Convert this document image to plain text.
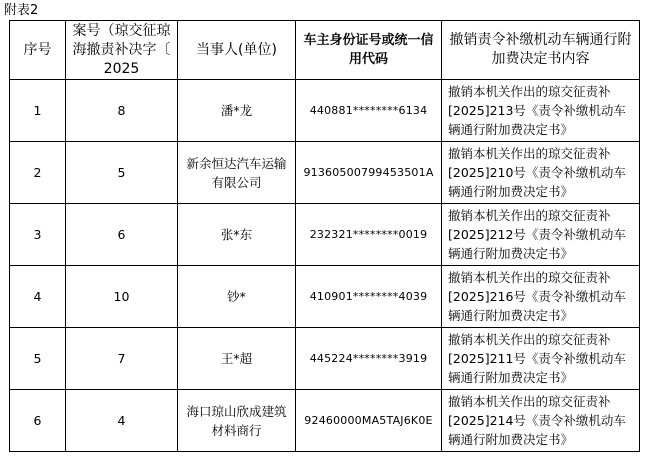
附表2
序号	案号（琼交征琼海撤责补决字〔 2025	当事人(单位)	车主身份证号或统一信用代码	撤销责令补缴机动车辆通行附加费决定书内容
1	8	潘*龙	440881********6134	撤销本机关作出的琼交征责补[2025]213号《责令补缴机动车辆通行附加费决定书》
2	5	新余恒达汽车运输有限公司	91360500799453501A	撤销本机关作出的琼交征责补[2025]210号《责令补缴机动车辆通行附加费决定书》
3	6	张*东	232321********0019	撤销本机关作出的琼交征责补[2025]212号《责令补缴机动车辆通行附加费决定书》
4	10	钞*	410901********4039	撤销本机关作出的琼交征责补[2025]216号《责令补缴机动车辆通行附加费决定书》
5	7	王*超	445224********3919	撤销本机关作出的琼交征责补[2025]211号《责令补缴机动车辆通行附加费决定书》
6	4	海口琼山欣成建筑材料商行	92460000MA5TAJ6K0E	撤销本机关作出的琼交征责补[2025]214号《责令补缴机动车辆通行附加费决定书》
